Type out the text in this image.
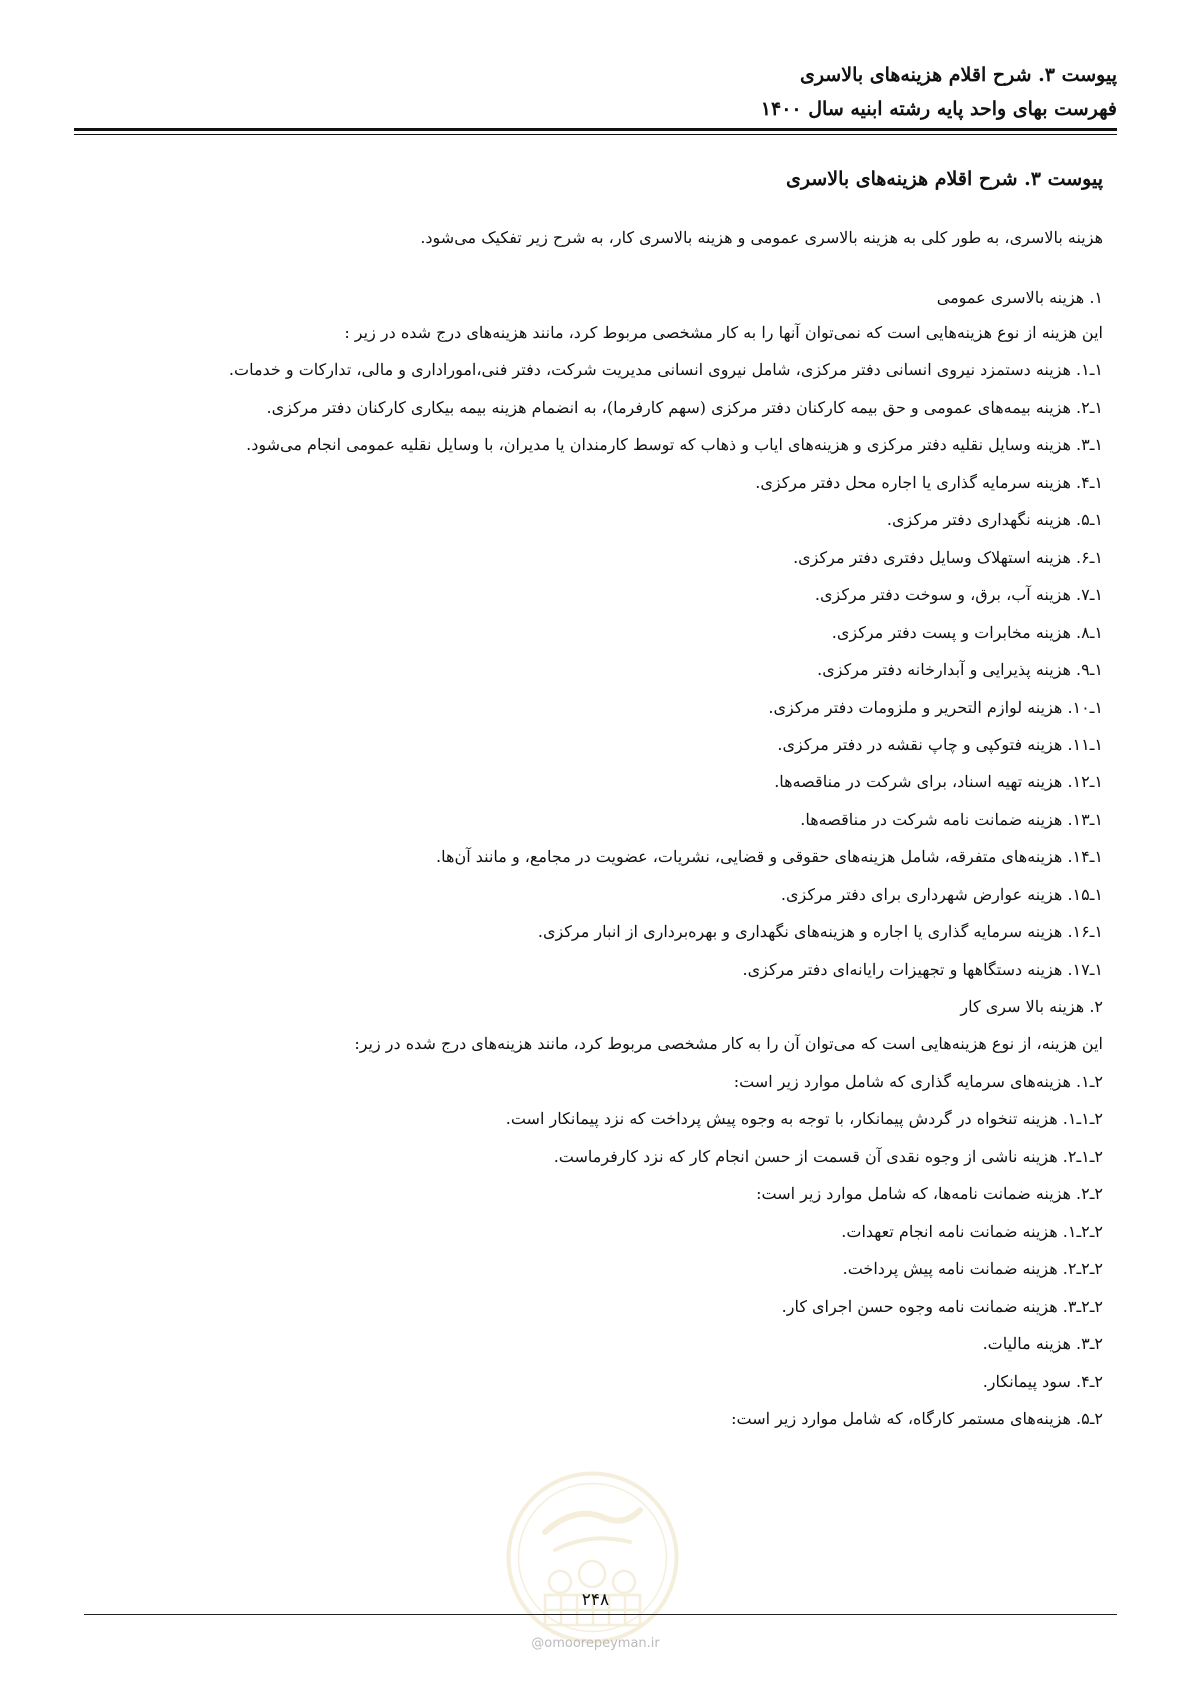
پیوست ۳. شرح اقلام هزینه‌های بالاسری
فهرست بهای واحد پایه رشته ابنیه سال ۱۴۰۰
پیوست ۳. شرح اقلام هزینه‌های بالاسری
هزینه بالاسری، به طور کلی به هزینه بالاسری عمومی و هزینه بالاسری کار، به شرح زیر تفکیک می‌شود.
۱. هزینه بالاسری عمومی
این هزینه از نوع هزینه‌هایی است که نمی‌توان آنها را به کار مشخصی مربوط کرد، مانند هزینه‌های درج شده در زیر :
۱ـ۱. هزینه دستمزد نیروی انسانی دفتر مرکزی، شامل نیروی انسانی مدیریت شرکت، دفتر فنی،امورادارى و مالی، تدارکات و خدمات.
۱ـ۲. هزینه بیمه‌های عمومی و حق بیمه کارکنان دفتر مرکزی (سهم کارفرما)، به انضمام هزینه بیمه بیکاری کارکنان دفتر مرکزی.
۱ـ۳. هزینه وسایل نقلیه دفتر مرکزی و هزینه‌های ایاب و ذهاب که توسط کارمندان یا مدیران، با وسایل نقلیه عمومی انجام می‌شود.
۱ـ۴. هزینه سرمایه گذاری یا اجاره محل دفتر مرکزی.
۱ـ۵. هزینه نگهداری دفتر مرکزی.
۱ـ۶. هزینه استهلاک وسایل دفتری دفتر مرکزی.
۱ـ۷. هزینه آب، برق، و سوخت دفتر مرکزی.
۱ـ۸. هزینه مخابرات و پست دفتر مرکزی.
۱ـ۹. هزینه پذیرایی و آبدارخانه دفتر مرکزی.
۱ـ۱۰. هزینه لوازم التحریر و ملزومات دفتر مرکزی.
۱ـ۱۱. هزینه فتوکپی و چاپ نقشه در دفتر مرکزی.
۱ـ۱۲. هزینه تهیه اسناد، برای شرکت در مناقصه‌ها.
۱ـ۱۳. هزینه ضمانت نامه شرکت در مناقصه‌ها.
۱ـ۱۴. هزینه‌های متفرقه، شامل هزینه‌های حقوقی و قضایی، نشریات، عضویت در مجامع، و مانند آن‌ها.
۱ـ۱۵. هزینه عوارض شهرداری برای دفتر مرکزی.
۱ـ۱۶. هزینه سرمایه گذاری یا اجاره و هزینه‌های نگهداری و بهره‌برداری از انبار مرکزی.
۱ـ۱۷. هزینه دستگاهها و تجهیزات رایانه‌ای دفتر مرکزی.
۲. هزینه بالا سری کار
این هزینه، از نوع هزینه‌هایی است که می‌توان آن را به کار مشخصی مربوط کرد، مانند هزینه‌های درج شده در زیر:
۲ـ۱. هزینه‌های سرمایه گذاری که شامل موارد زیر است:
۲ـ۱ـ۱. هزینه تنخواه در گردش پیمانکار، با توجه به وجوه پیش پرداخت که نزد پیمانکار است.
۲ـ۱ـ۲. هزینه ناشی از وجوه نقدی آن قسمت از حسن انجام کار که نزد کارفرماست.
۲ـ۲. هزینه ضمانت نامه‌ها، که شامل موارد زیر است:
۲ـ۲ـ۱. هزینه ضمانت نامه انجام تعهدات.
۲ـ۲ـ۲. هزینه ضمانت نامه پیش پرداخت.
۲ـ۲ـ۳. هزینه ضمانت نامه وجوه حسن اجرای کار.
۲ـ۳. هزینه مالیات.
۲ـ۴. سود پیمانکار.
۲ـ۵. هزینه‌های مستمر کارگاه، که شامل موارد زیر است:
۲۴۸
@omoorepeyman.ir
